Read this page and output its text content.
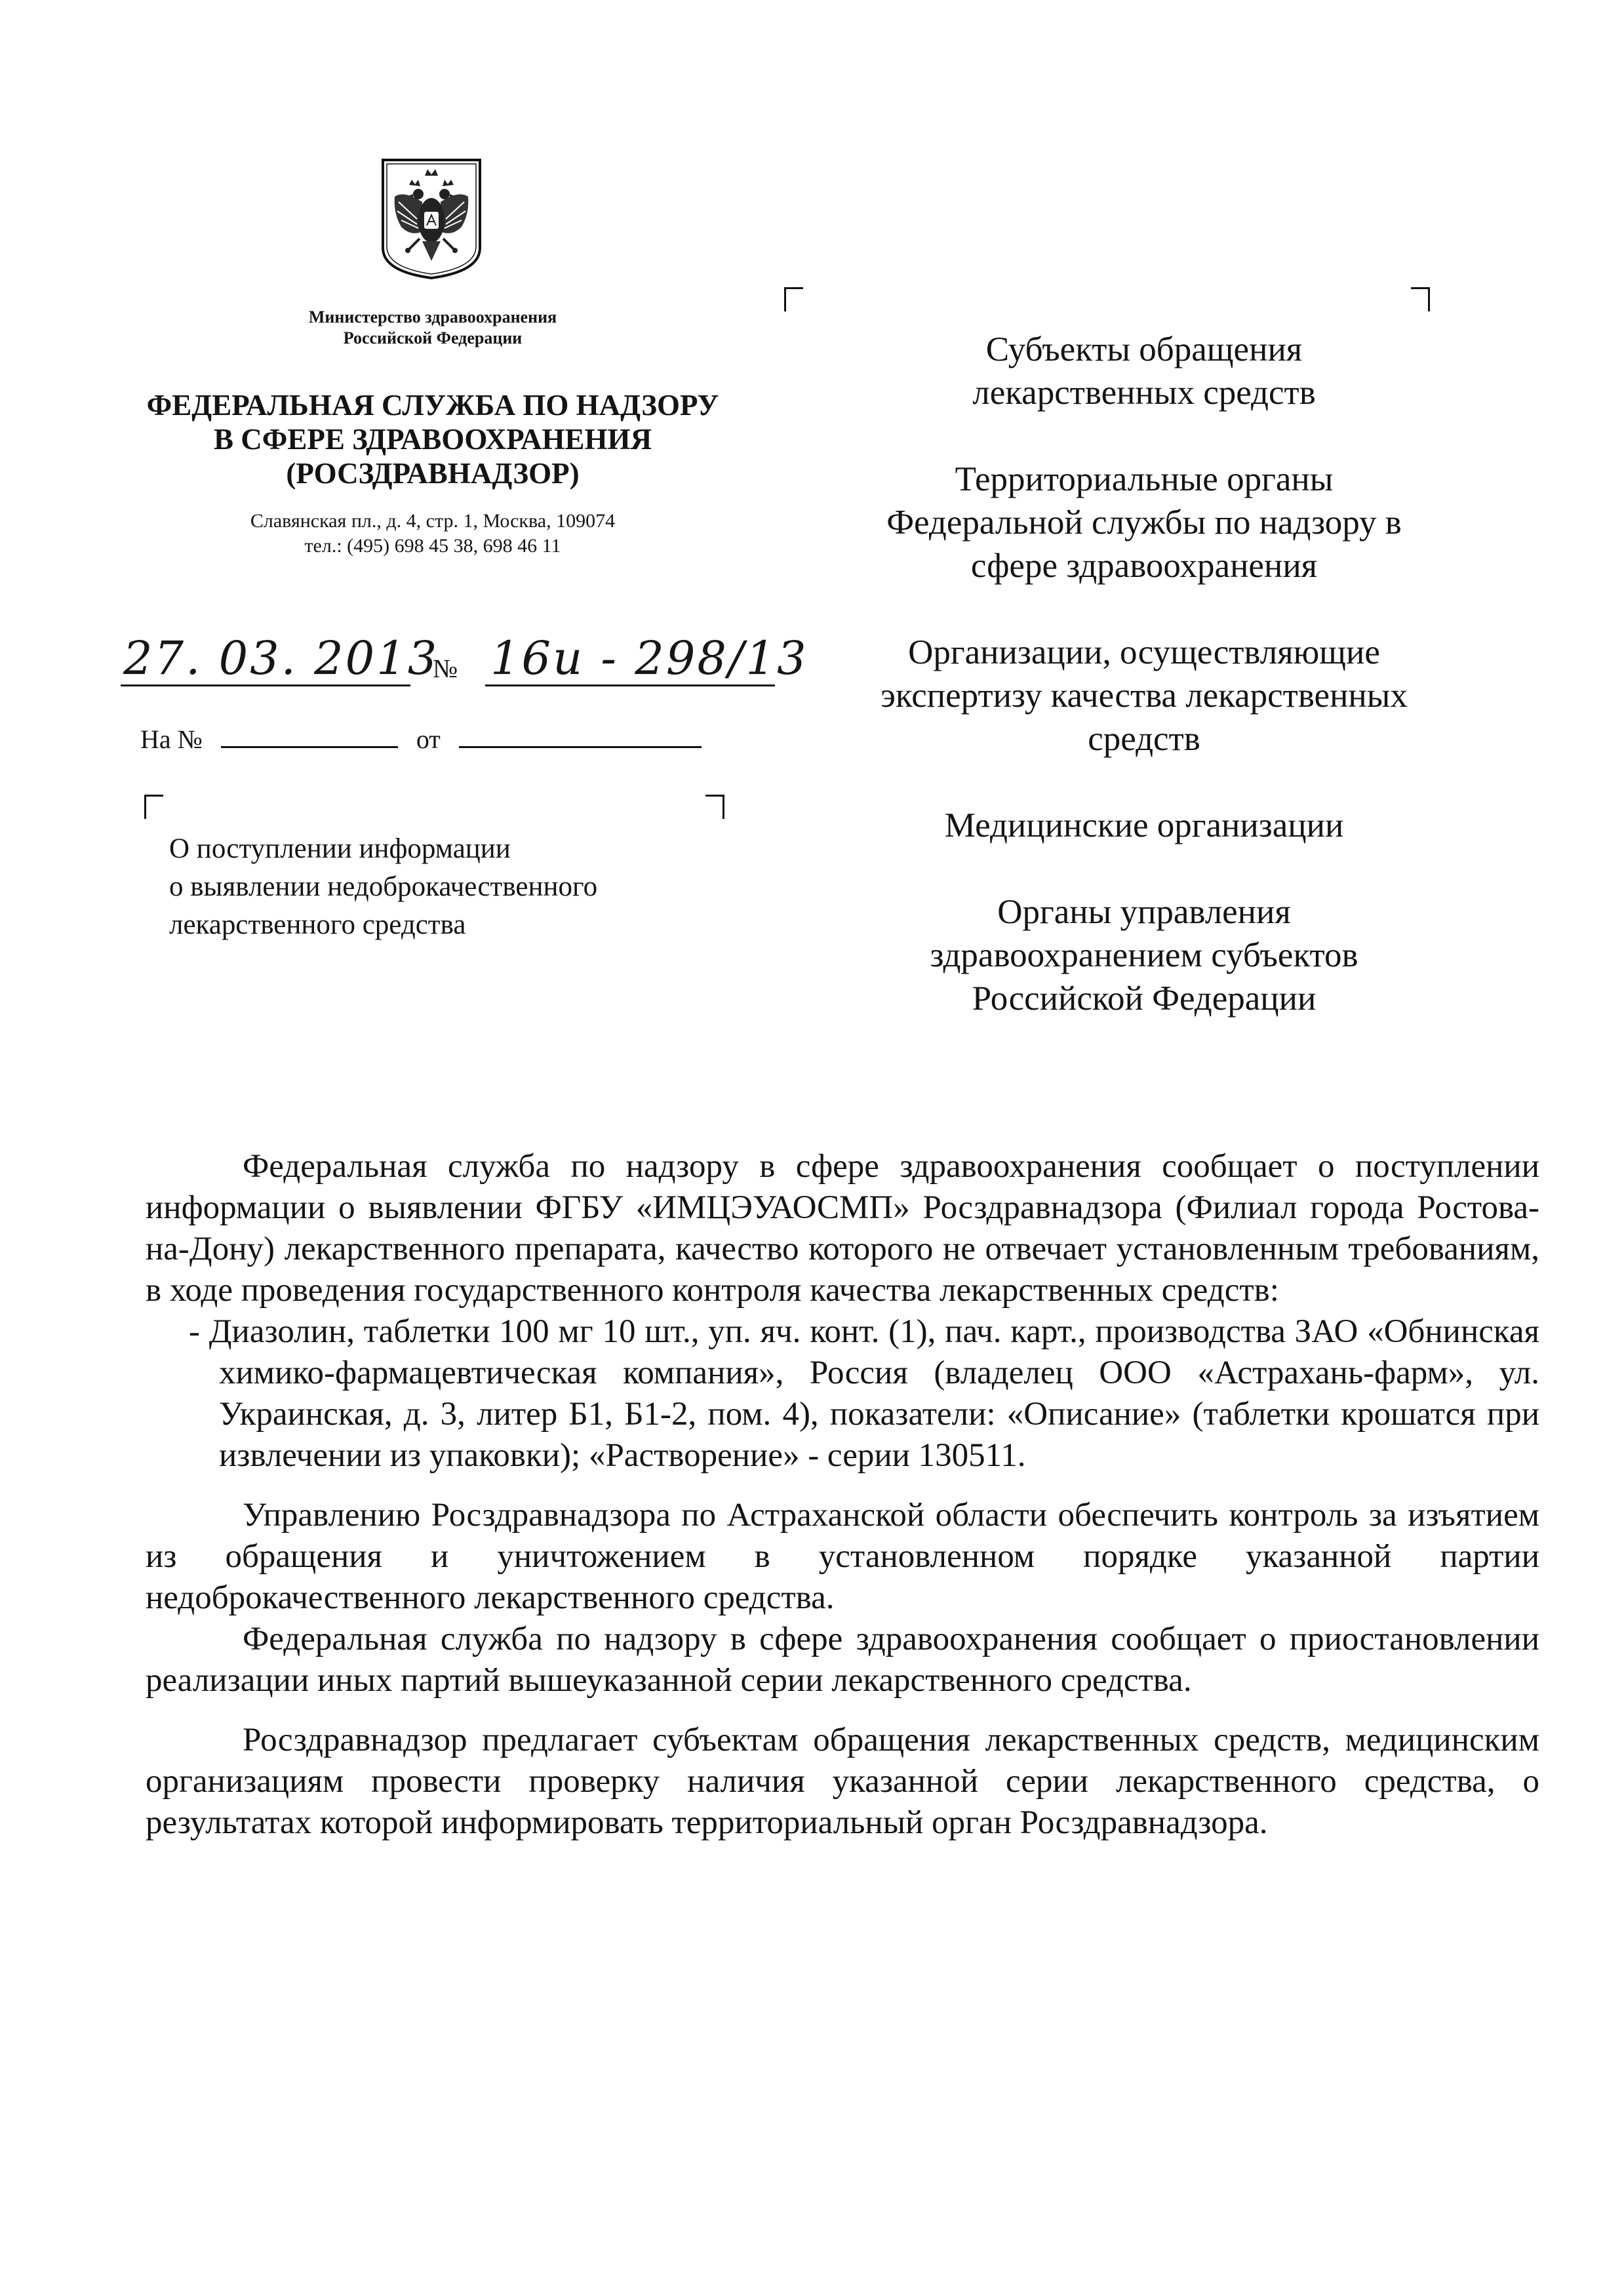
Министерство здравоохранения
Российской Федерации
ФЕДЕРАЛЬНАЯ СЛУЖБА ПО НАДЗОРУ
В СФЕРЕ ЗДРАВООХРАНЕНИЯ
(РОСЗДРАВНАДЗОР)
Славянская пл., д. 4, стр. 1, Москва, 109074
тел.: (495) 698 45 38, 698 46 11
27. 03. 2013
№ 16и - 298/13
На №	от
О поступлении информации
о выявлении недоброкачественного
лекарственного средства
Субъекты обращения
лекарственных средств
Территориальные органы
Федеральной службы по надзору в
сфере здравоохранения
Организации, осуществляющие
экспертизу качества лекарственных
средств
Медицинские организации
Органы управления
здравоохранением субъектов
Российской Федерации

Федеральная служба по надзору в сфере здравоохранения сообщает о поступлении информации о выявлении ФГБУ «ИМЦЭУАОСМП» Росздравнадзора (Филиал города Ростова-на-Дону) лекарственного препарата, качество которого не отвечает установленным требованиям, в ходе проведения государственного контроля качества лекарственных средств:

- Диазолин, таблетки 100 мг 10 шт., уп. яч. конт. (1), пач. карт., производства ЗАО «Обнинская химико-фармацевтическая компания», Россия (владелец ООО «Астрахань-фарм», ул. Украинская, д. 3, литер Б1, Б1-2, пом. 4), показатели: «Описание» (таблетки крошатся при извлечении из упаковки); «Растворение» - серии 130511.

Управлению Росздравнадзора по Астраханской области обеспечить контроль за изъятием из обращения и уничтожением в установленном порядке указанной партии недоброкачественного лекарственного средства.

Федеральная служба по надзору в сфере здравоохранения сообщает о приостановлении реализации иных партий вышеуказанной серии лекарственного средства.

Росздравнадзор предлагает субъектам обращения лекарственных средств, медицинским организациям провести проверку наличия указанной серии лекарственного средства, о результатах которой информировать территориальный орган Росздравнадзора.
